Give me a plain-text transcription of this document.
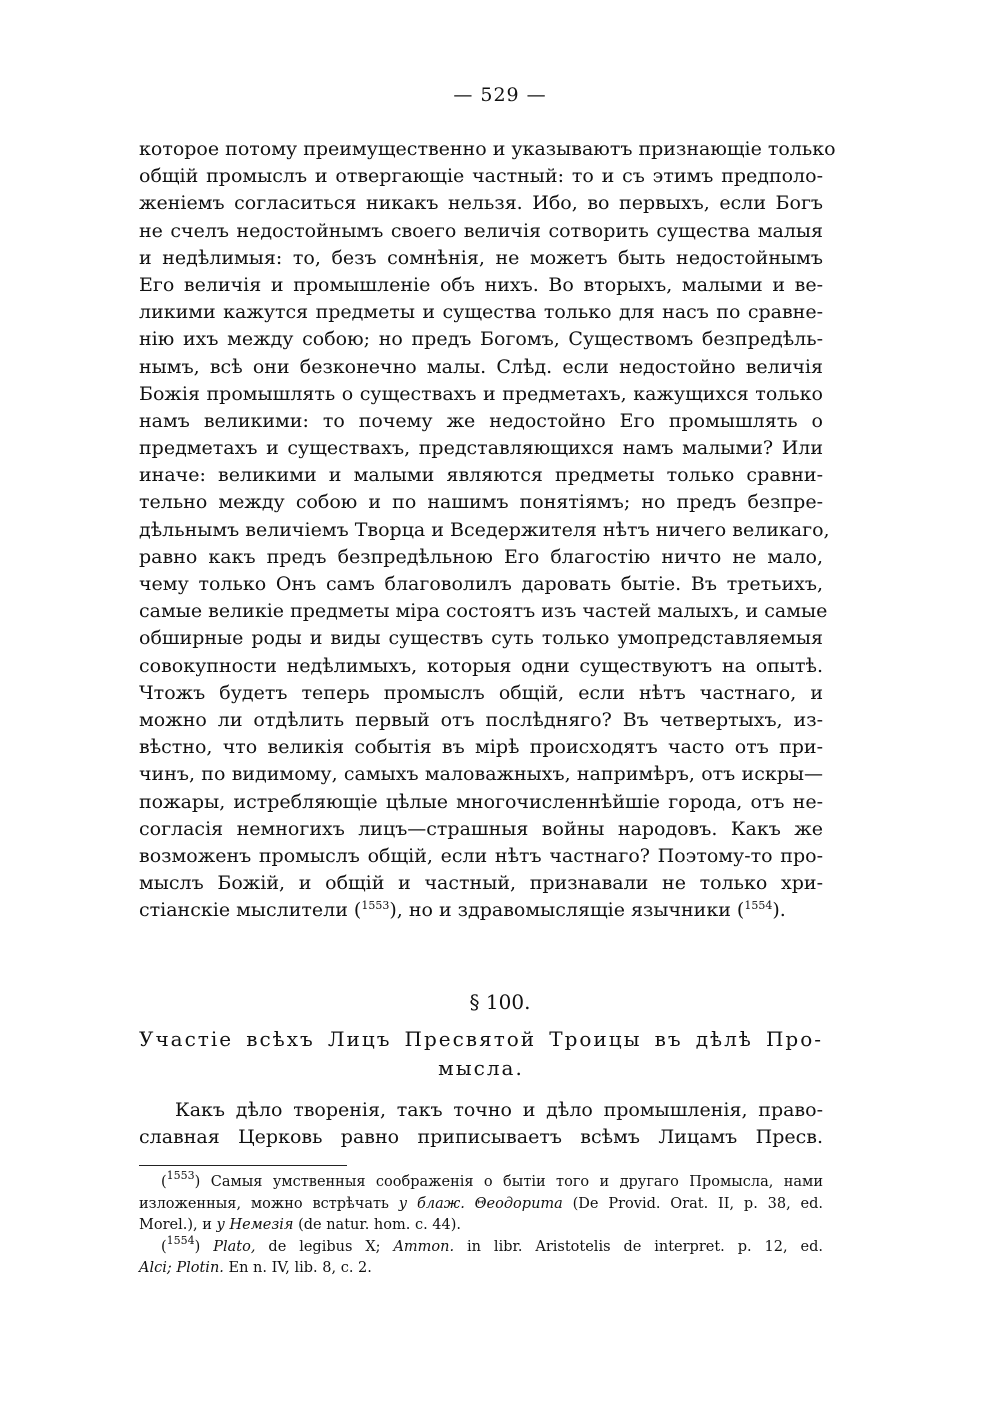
— 529 —
которое потому преимущественно и указываютъ признающіе только
общій промыслъ и отвергающіе частный: то и съ этимъ предполо-
женіемъ согласиться никакъ нельзя. Ибо, во первыхъ, если Богъ
не счелъ недостойнымъ своего величія сотворить существа малыя
и недѣлимыя: то, безъ сомнѣнія, не можетъ быть недостойнымъ
Его величія и промышленіе объ нихъ. Во вторыхъ, малыми и ве-
ликими кажутся предметы и существа только для насъ по сравне-
нію ихъ между собою; но предъ Богомъ, Существомъ безпредѣль-
нымъ, всѣ они безконечно малы. Слѣд. если недостойно величія
Божія промышлять о существахъ и предметахъ, кажущихся только
намъ великими: то почему же недостойно Его промышлять о
предметахъ и существахъ, представляющихся намъ малыми? Или
иначе: великими и малыми являются предметы только сравни-
тельно между собою и по нашимъ понятіямъ; но предъ безпре-
дѣльнымъ величіемъ Творца и Вседержителя нѣтъ ничего великаго,
равно какъ предъ безпредѣльною Его благостію ничто не мало,
чему только Онъ самъ благоволилъ даровать бытіе. Въ третьихъ,
самые великіе предметы міра состоятъ изъ частей малыхъ, и самые
обширные роды и виды существъ суть только умопредставляемыя
совокупности недѣлимыхъ, которыя одни существуютъ на опытѣ.
Чтожъ будетъ теперь промыслъ общій, если нѣтъ частнаго, и
можно ли отдѣлить первый отъ послѣдняго? Въ четвертыхъ, из-
вѣстно, что великія событія въ мірѣ происходятъ часто отъ при-
чинъ, по видимому, самыхъ маловажныхъ, напримѣръ, отъ искры—
пожары, истребляющіе цѣлые многочисленнѣйшіе города, отъ не-
согласія немногихъ лицъ—страшныя войны народовъ. Какъ же
возможенъ промыслъ общій, если нѣтъ частнаго? Поэтому-то про-
мыслъ Божій, и общій и частный, признавали не только хри-
стіанскіе мыслители ($^{1553}$), но и здравомыслящіе язычники ($^{1554}$).
§ 100.
Участіе всѣхъ Лицъ Пресвятой Троицы въ дѣлѣ Про-
мысла.
Какъ дѣло творенія, такъ точно и дѣло промышленія, право-
славная Церковь равно приписываетъ всѣмъ Лицамъ Пресв.
($^{1553}$) Самыя умственныя соображенія о бытіи того и другаго Промысла, нами
изложенныя, можно встрѣчать у блаж. Θеодорита (De Provid. Orat. II, p. 38, ed.
Morel.), и у Немезія (de natur. hom. c. 44).
($^{1554}$) Plato, de legibus X; Ammon. in libr. Aristotelis de interpret. p. 12, ed.
Alci; Plotin. En n. IV, lib. 8, c. 2.
